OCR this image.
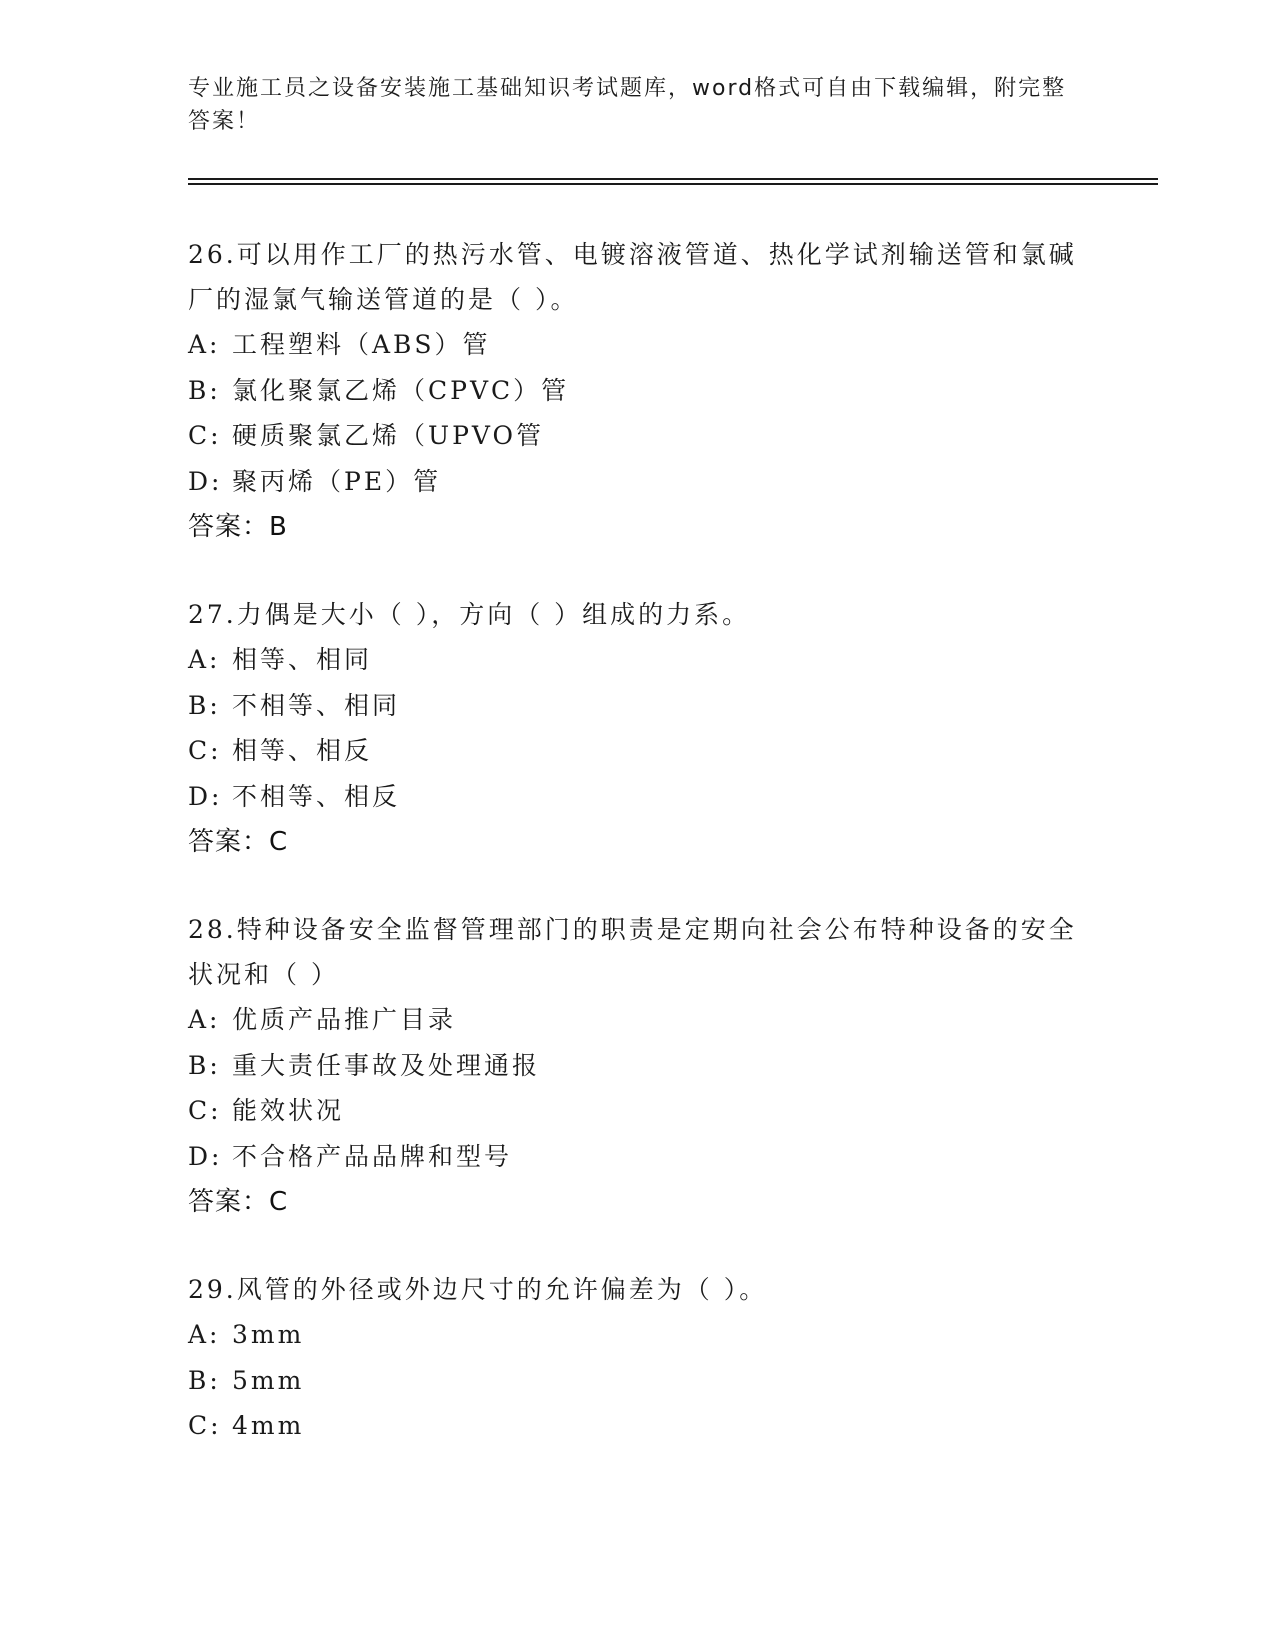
专业施工员之设备安装施工基础知识考试题库，word格式可自由下载编辑，附完整答案！
26.可以用作工厂的热污水管、电镀溶液管道、热化学试剂输送管和氯碱厂的湿氯气输送管道的是（ ）。
A: 工程塑料（ABS）管
B: 氯化聚氯乙烯（CPVC）管
C: 硬质聚氯乙烯（UPVO管
D: 聚丙烯（PE）管
答案：B
27.力偶是大小（ ），方向（ ）组成的力系。
A: 相等、相同
B: 不相等、相同
C: 相等、相反
D: 不相等、相反
答案：C
28.特种设备安全监督管理部门的职责是定期向社会公布特种设备的安全状况和（ ）
A: 优质产品推广目录
B: 重大责任事故及处理通报
C: 能效状况
D: 不合格产品品牌和型号
答案：C
29.风管的外径或外边尺寸的允许偏差为（ ）。
A: 3mm
B: 5mm
C: 4mm
